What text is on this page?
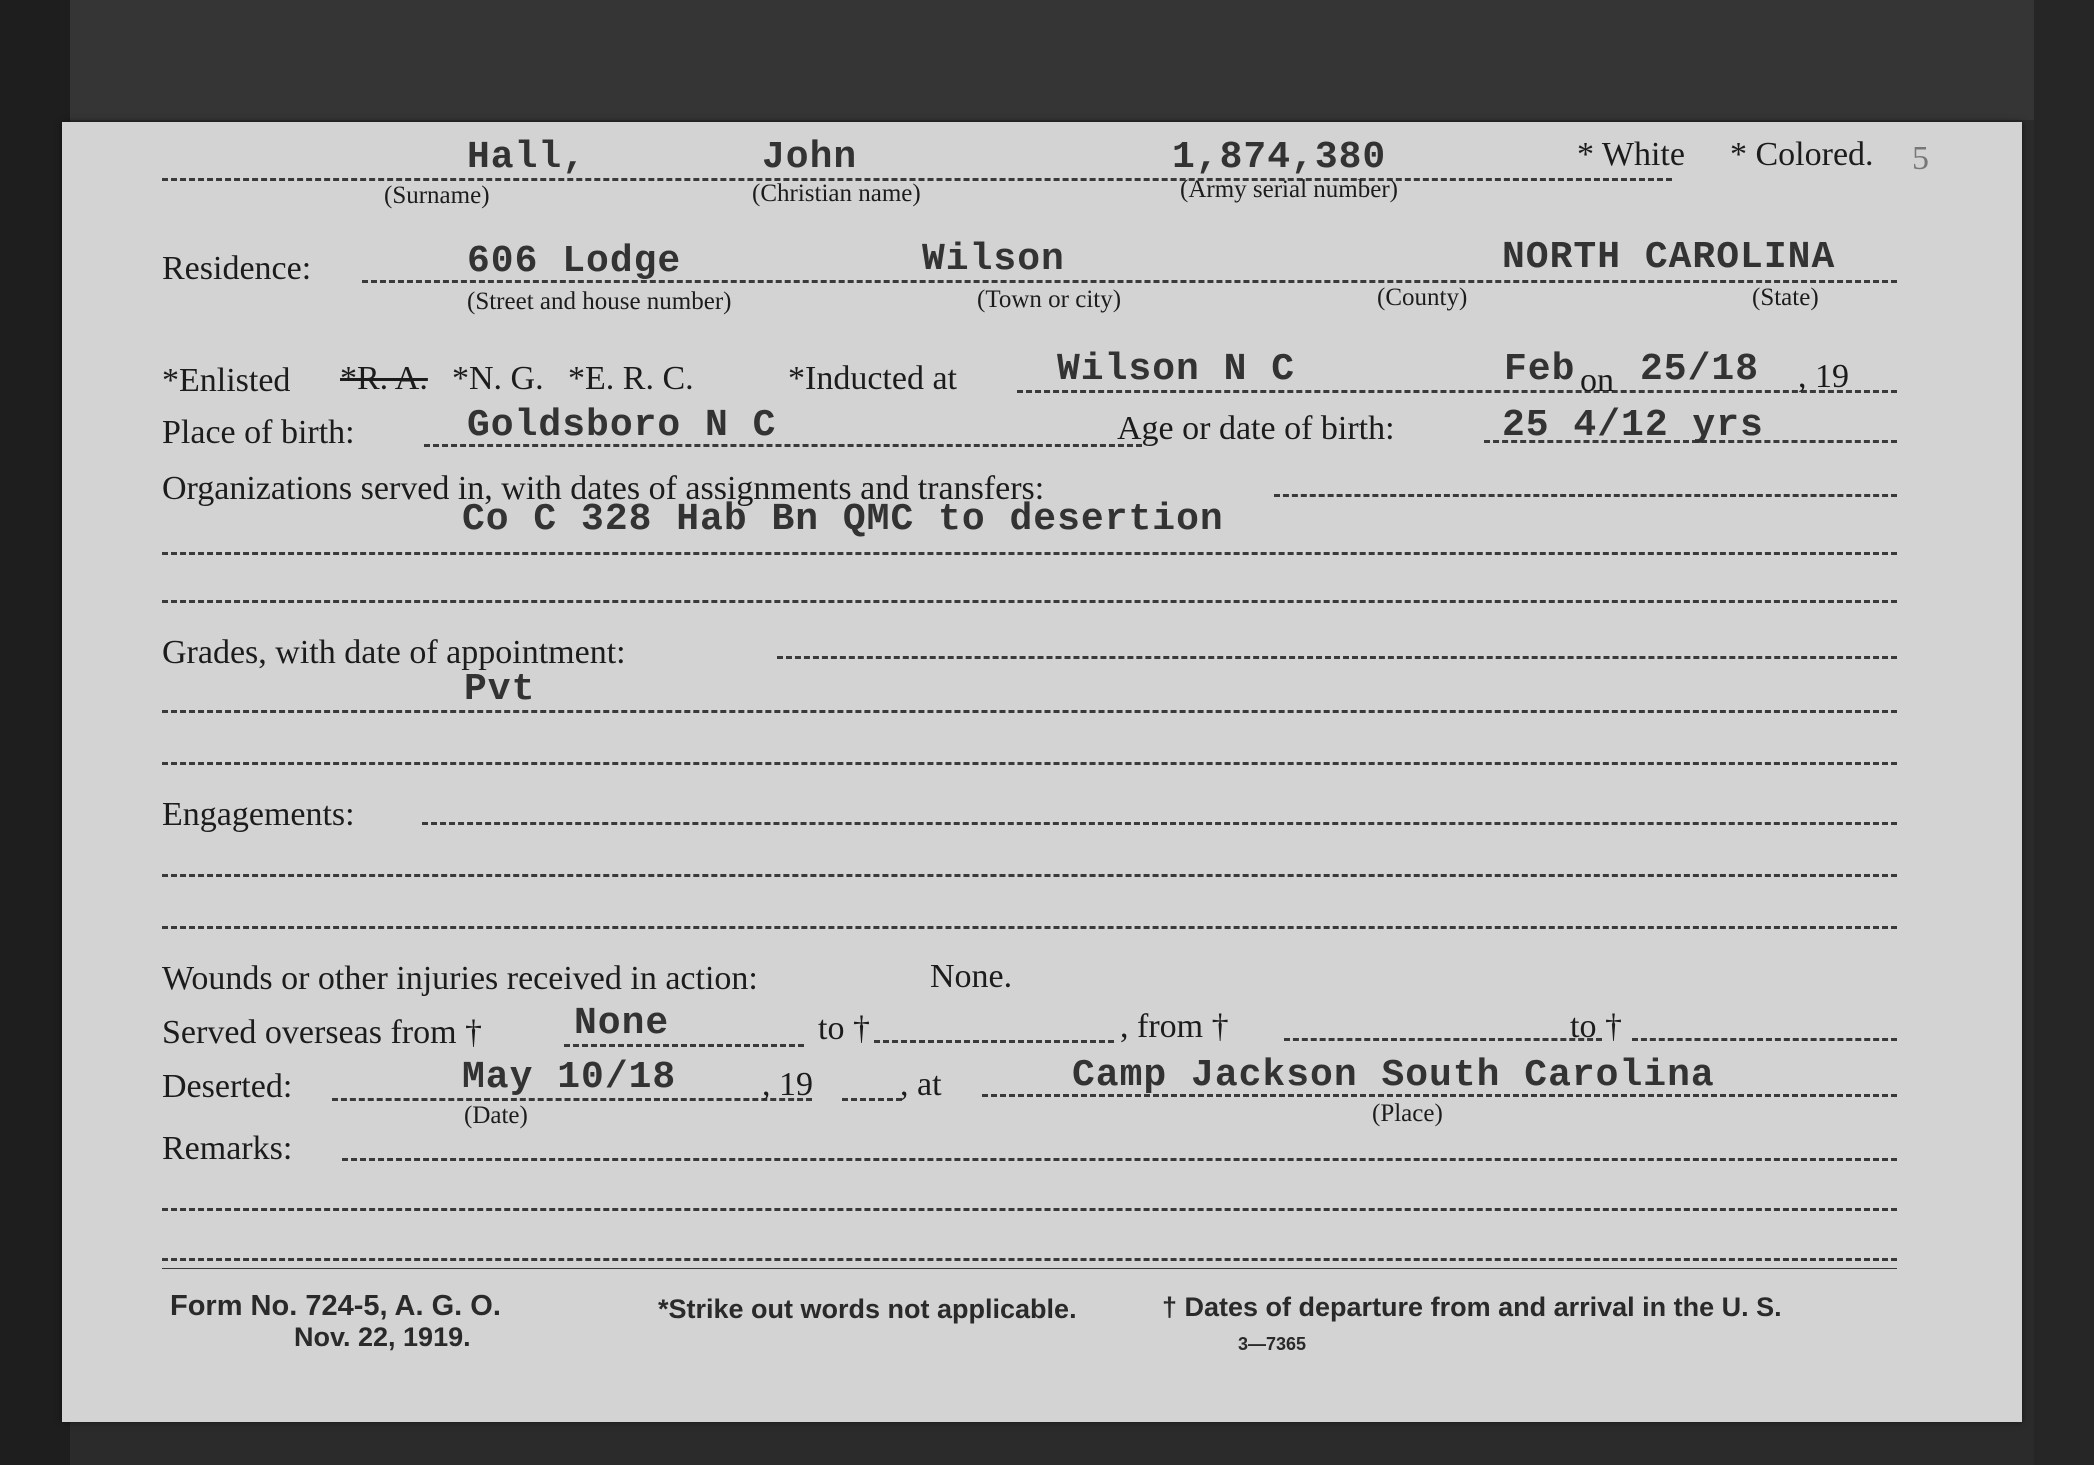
Hall,	John	1,874,380	* White * Colored. 5
(Surname)	(Christian name)	(Army serial number)
Residence:	606 Lodge	Wilson	NORTH CAROLINA
(Street and house number)	(Town or city)	(County)	(State)
*Enlisted *R. A. *N. G. *E. R. C.	*Inducted at	Wilson N C	Feb on 25/18 , 19
Place of birth:	Goldsboro N C	Age or date of birth:	25 4/12 yrs
Organizations served in, with dates of assignments and transfers:
Co C 328 Hab Bn QMC to desertion
Grades, with date of appointment:
Pvt
Engagements:
Wounds or other injuries received in action:	None.
Served overseas from † None	to †	, from †	to †
Deserted:	May 10/18	, 19	, at	Camp Jackson South Carolina
(Date)	(Place)
Remarks:
Form No. 724-5, A. G. O.
Nov. 22, 1919.
*Strike out words not applicable.	† Dates of departure from and arrival in the U. S.
3—7365
